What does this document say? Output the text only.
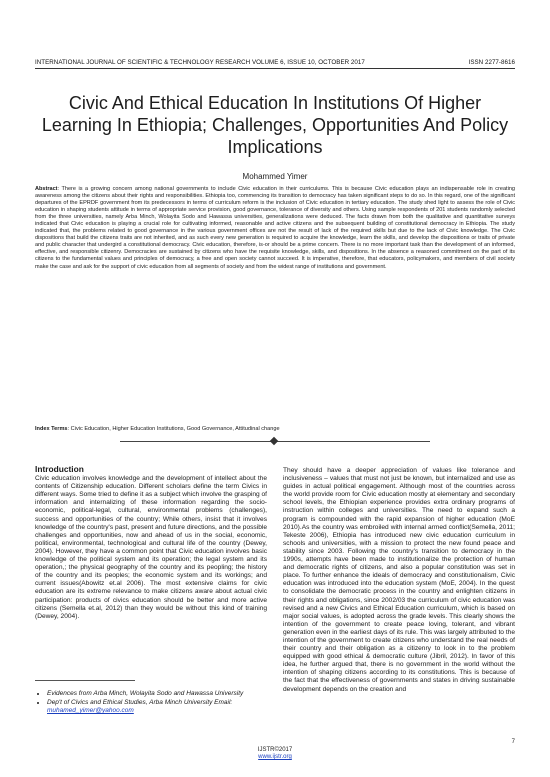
INTERNATIONAL JOURNAL OF SCIENTIFIC & TECHNOLOGY RESEARCH VOLUME 6, ISSUE 10, OCTOBER 2017	ISSN 2277-8616
Civic And Ethical Education In Institutions Of Higher Learning In Ethiopia; Challenges, Opportunities And Policy Implications
Mohammed Yimer
Abstract: There is a growing concern among national governments to include Civic education in their curriculums. This is because Civic education plays an indispensable role in creating awareness among the citizens about their rights and responsibilities. Ethiopia too, commencing its transition to democracy has taken significant steps to do so. In this regard, one of the significant departures of the EPRDF government from its predecessors in terms of curriculum reform is the inclusion of Civic education in tertiary education. The study shed light to assess the role of Civic education in shaping students attitude in terms of appropriate service provision, good governance, tolerance of diversity and others. Using sample respondents of 201 students randomly selected from the three universities, namely Arba Minch, Wolayita Sodo and Hawassa universities, generalizations were deduced. The facts drawn from both the qualitative and quantitative surveys indicated that Civic education is playing a crucial role for cultivating informed, reasonable and active citizens and the subsequent building of constitutional democracy in Ethiopia. The study indicated that, the problems related to good governance in the various government offices are not the result of lack of the required skills but due to the lack of Civic knowledge. The Civic dispositions that build the citizens traits are not inherited, and as such every new generation is required to acquire the knowledge, learn the skills, and develop the dispositions or traits of private and public character that undergird a constitutional democracy. Civic education, therefore, is-or should be a prime concern. There is no more important task than the development of an informed, effective, and responsible citizenry. Democracies are sustained by citizens who have the requisite knowledge, skills, and dispositions. In the absence a reasoned commitment on the part of its citizens to the fundamental values and principles of democracy, a free and open society cannot succeed. It is imperative, therefore, that educators, policymakers, and members of civil society make the case and ask for the support of civic education from all segments of society and from the widest range of institutions and government.
Index Terms: Civic Education, Higher Education Institutions, Good Governance, Attitudinal change
Introduction
Civic education involves knowledge and the development of intellect about the contents of Citizenship education. Different scholars define the term Civics in different ways. Some tried to define it as a subject which involve the grasping of information and internalizing of these information regarding the socio-economic, political-legal, cultural, environmental problems (challenges), success and opportunities of the country; While others, insist that it involves knowledge of the country's past, present and future directions, and the possible challenges and opportunities, now and ahead of us in the social, economic, political, environmental, technological and cultural life of the country (Dewey, 2004). However, they have a common point that Civic education involves basic knowledge of the political system and its operation; the legal system and its operation,; the physical geography of the country and its peopling; the history of the country and its peoples; the economic system and its workings; and current issues(Abowitz et.al 2006). The most extensive claims for civic education are its extreme relevance to make citizens aware about actual civic participation: products of civics education should be better and more active citizens (Semella et.al, 2012) than they would be without this kind of training (Dewey, 2004).
They should have a deeper appreciation of values like tolerance and inclusiveness – values that must not just be known, but internalized and use as guides in actual political engagement. Although most of the countries across the world provide room for Civic education mostly at elementary and secondary school levels, the Ethiopian experience provides extra ordinary programs of instruction within colleges and universities. The need to expand such a program is compounded with the rapid expansion of higher education (MoE 2010).As the country was embroiled with internal armed conflict(Semella, 2011; Tekeste 2006), Ethiopia has introduced new civic education curriculum in schools and universities, with a mission to protect the new found peace and stability since 2003. Following the country's transition to democracy in the 1990s, attempts have been made to institutionalize the protection of human and democratic rights of citizens, and also a popular constitution was set in place. To further enhance the ideals of democracy and constitutionalism, Civic education was introduced into the education system (MoE, 2004). In the quest to consolidate the democratic process in the country and enlighten citizens in their rights and obligations, since 2002/03 the curriculum of civic education was revised and a new Civics and Ethical Education curriculum, which is based on major social values, is adopted across the grade levels. This clearly shows the intention of the government to create peace loving, tolerant, and vibrant generation even in the earliest days of its rule. This was largely attributed to the intention of the government to create citizens who understand the real needs of their country and their obligation as a citizenry to look in to the problem equipped with good ethical & democratic culture (Jibril, 2012). In favor of this idea, he further argued that, there is no government in the world without the intention of shaping citizens according to its constitutions. This is because of the fact that the effectiveness of governments and states in driving sustainable development depends on the creation and
• Evidences from Arba Minch, Wolayita Sodo and Hawassa University
• Dep't of Civics and Ethical Studies, Arba Minch University Email: muhamed_yimer@yahoo.com
7
IJSTR©2017
www.ijstr.org
